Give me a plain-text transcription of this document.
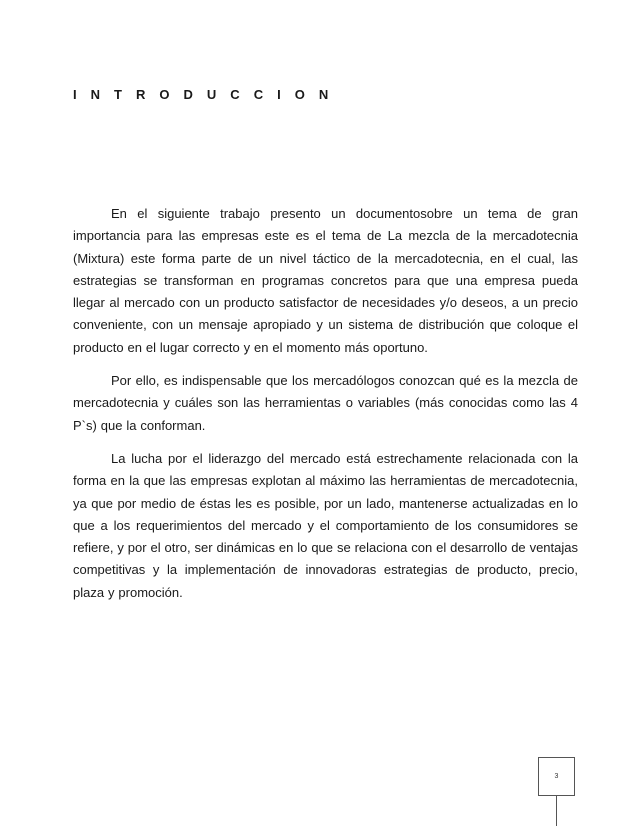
I N T R O D U C C I O N

En el siguiente trabajo presento un documentosobre un tema de gran importancia para las empresas este es el tema de La mezcla de la mercadotecnia (Mixtura) este forma parte de un nivel táctico de la mercadotecnia, en el cual, las estrategias se transforman en programas concretos para que una empresa pueda llegar al mercado con un producto satisfactor de necesidades y/o deseos, a un precio conveniente, con un mensaje apropiado y un sistema de distribución que coloque el producto en el lugar correcto y en el momento más oportuno.

Por ello, es indispensable que los mercadólogos conozcan qué es la mezcla de mercadotecnia y cuáles son las herramientas o variables (más conocidas como las 4 P`s) que la conforman.

La lucha por el liderazgo del mercado está estrechamente relacionada con la forma en la que las empresas explotan al máximo las herramientas de mercadotecnia, ya que por medio de éstas les es posible, por un lado, mantenerse actualizadas en lo que a los requerimientos del mercado y el comportamiento de los consumidores se refiere, y por el otro, ser dinámicas en lo que se relaciona con el desarrollo de ventajas competitivas y la implementación de innovadoras estrategias de producto, precio, plaza y promoción.

3
